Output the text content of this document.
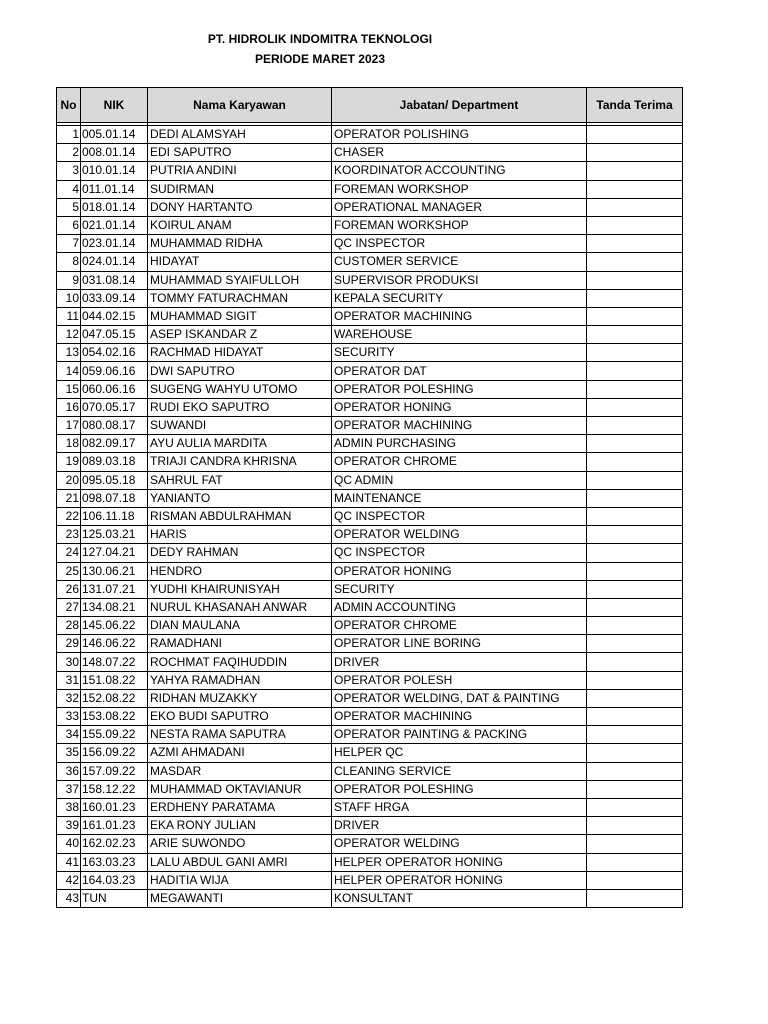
PT. HIDROLIK INDOMITRA TEKNOLOGI
PERIODE MARET 2023
No	NIK	Nama Karyawan	Jabatan/ Department	Tanda Terima

1	005.01.14	DEDI ALAMSYAH	OPERATOR POLISHING	
2	008.01.14	EDI SAPUTRO	CHASER	
3	010.01.14	PUTRIA ANDINI	KOORDINATOR ACCOUNTING	
4	011.01.14	SUDIRMAN	FOREMAN WORKSHOP	
5	018.01.14	DONY HARTANTO	OPERATIONAL MANAGER	
6	021.01.14	KOIRUL ANAM	FOREMAN WORKSHOP	
7	023.01.14	MUHAMMAD RIDHA	QC INSPECTOR	
8	024.01.14	HIDAYAT	CUSTOMER SERVICE	
9	031.08.14	MUHAMMAD SYAIFULLOH	SUPERVISOR PRODUKSI	
10	033.09.14	TOMMY FATURACHMAN	KEPALA SECURITY	
11	044.02.15	MUHAMMAD SIGIT	OPERATOR MACHINING	
12	047.05.15	ASEP ISKANDAR Z	WAREHOUSE	
13	054.02.16	RACHMAD HIDAYAT	SECURITY	
14	059.06.16	DWI SAPUTRO	OPERATOR DAT	
15	060.06.16	SUGENG WAHYU UTOMO	OPERATOR POLESHING	
16	070.05.17	RUDI EKO SAPUTRO	OPERATOR HONING	
17	080.08.17	SUWANDI	OPERATOR MACHINING	
18	082.09.17	AYU AULIA MARDITA	ADMIN PURCHASING	
19	089.03.18	TRIAJI CANDRA KHRISNA	OPERATOR CHROME	
20	095.05.18	SAHRUL FAT	QC ADMIN	
21	098.07.18	YANIANTO	MAINTENANCE	
22	106.11.18	RISMAN ABDULRAHMAN	QC INSPECTOR	
23	125.03.21	HARIS	OPERATOR WELDING	
24	127.04.21	DEDY RAHMAN	QC INSPECTOR	
25	130.06.21	HENDRO	OPERATOR HONING	
26	131.07.21	YUDHI KHAIRUNISYAH	SECURITY	
27	134.08.21	NURUL KHASANAH ANWAR	ADMIN ACCOUNTING	
28	145.06.22	DIAN MAULANA	OPERATOR CHROME	
29	146.06.22	RAMADHANI	OPERATOR LINE BORING	
30	148.07.22	ROCHMAT FAQIHUDDIN	DRIVER	
31	151.08.22	YAHYA RAMADHAN	OPERATOR POLESH	
32	152.08.22	RIDHAN MUZAKKY	OPERATOR WELDING, DAT & PAINTING	
33	153.08.22	EKO BUDI SAPUTRO	OPERATOR MACHINING	
34	155.09.22	NESTA RAMA SAPUTRA	OPERATOR PAINTING & PACKING	
35	156.09.22	AZMI AHMADANI	HELPER QC	
36	157.09.22	MASDAR	CLEANING SERVICE	
37	158.12.22	MUHAMMAD OKTAVIANUR	OPERATOR POLESHING	
38	160.01.23	ERDHENY PARATAMA	STAFF HRGA	
39	161.01.23	EKA RONY JULIAN	DRIVER	
40	162.02.23	ARIE SUWONDO	OPERATOR WELDING	
41	163.03.23	LALU ABDUL GANI AMRI	HELPER OPERATOR HONING	
42	164.03.23	HADITIA WIJA	HELPER OPERATOR HONING	
43	TUN	MEGAWANTI	KONSULTANT	
